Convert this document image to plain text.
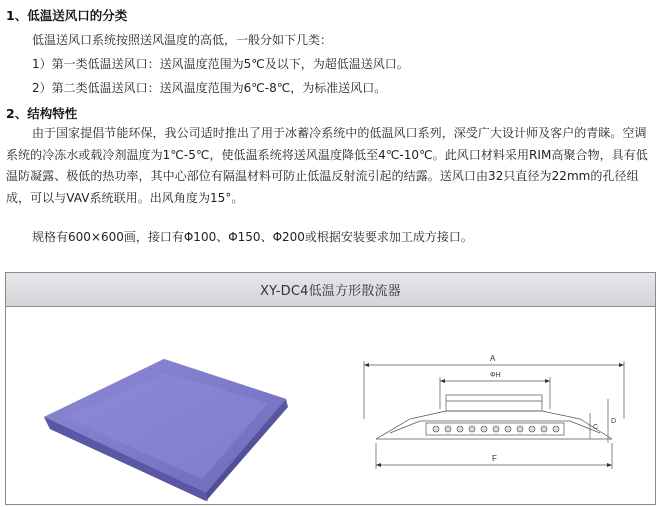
1、低温送风口的分类
低温送风口系统按照送风温度的高低，一般分如下几类：
1）第一类低温送风口：送风温度范围为5℃及以下，为超低温送风口。
2）第二类低温送风口：送风温度范围为6℃-8℃，为标准送风口。
2、结构特性
由于国家提倡节能环保，我公司适时推出了用于冰蓄冷系统中的低温风口系列，深受广大设计师及客户的青睐。空调系统的冷冻水或载冷剂温度为1℃-5℃，使低温系统将送风温度降低至4℃-10℃。此风口材料采用RIM高聚合物，具有低温防凝露、极低的热功率，其中心部位有隔温材料可防止低温反射流引起的结露。送风口由32只直径为22mm的孔径组成，可以与VAV系统联用。出风角度为15°。
规格有600×600画，接口有Φ100、Φ150、Φ200或根据安装要求加工成方接口。
XY-DC4低温方形散流器
A
ΦH
C
D
F
